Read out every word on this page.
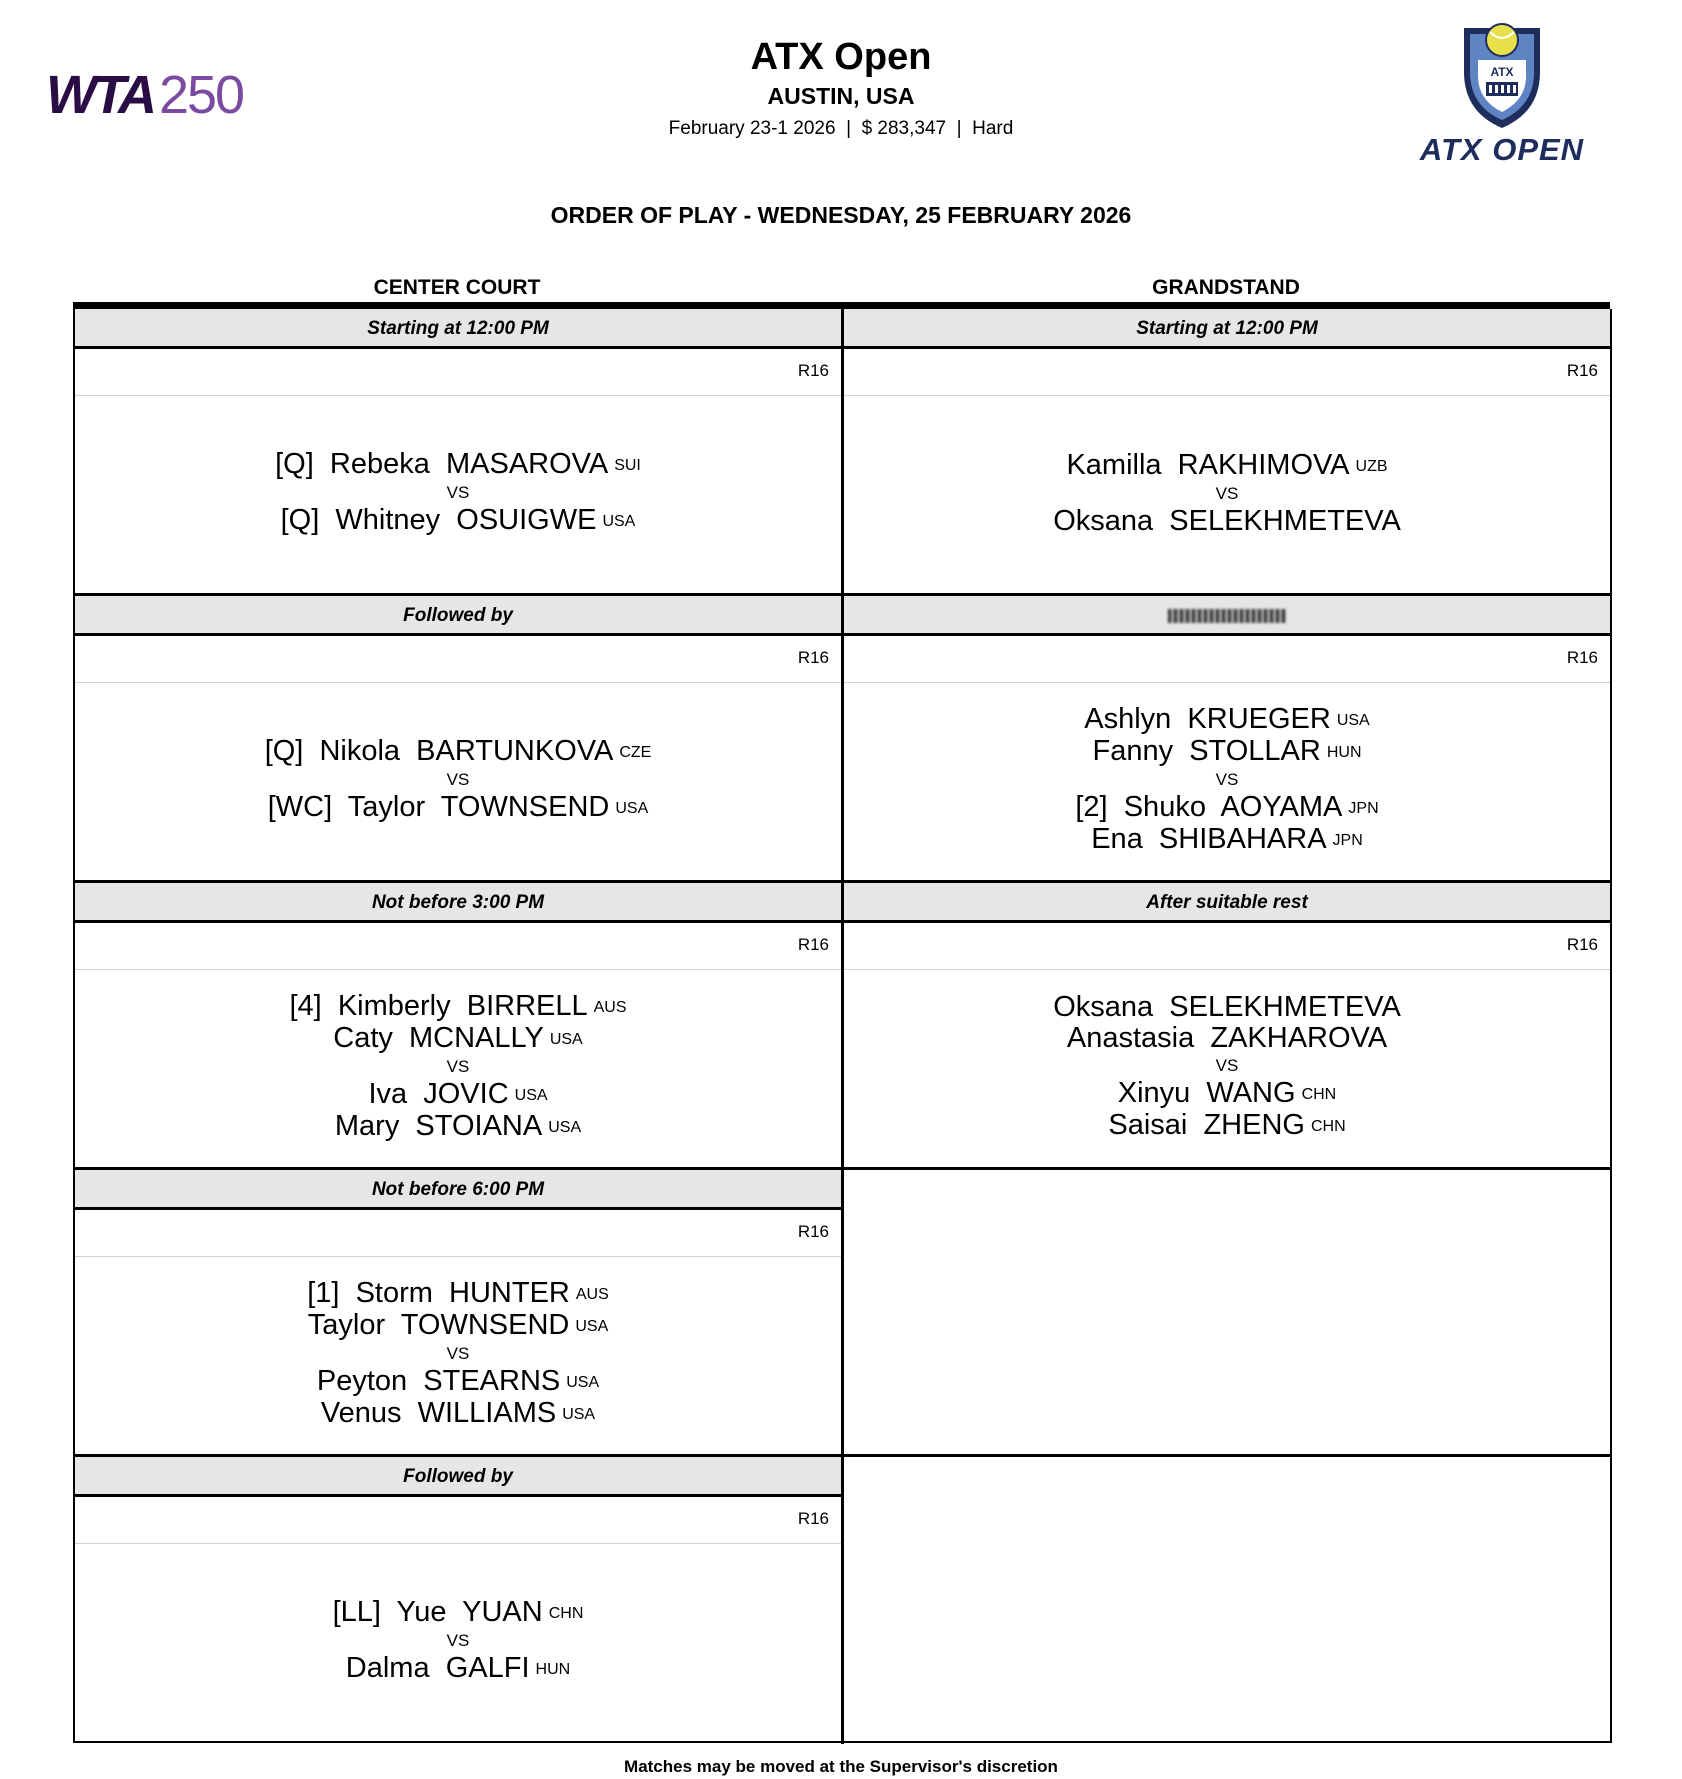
WTA 250
ATX Open
AUSTIN, USA
February 23-1 2026  |  $ 283,347  |  Hard
ATX
ATX OPEN
ORDER OF PLAY - WEDNESDAY, 25 FEBRUARY 2026
CENTER COURT	GRANDSTAND
Starting at 12:00 PM
R16
[Q]  Rebeka  MASAROVA SUI
VS
[Q]  Whitney  OSUIGWE USA
Starting at 12:00 PM
R16
Kamilla  RAKHIMOVA UZB
VS
Oksana  SELEKHMETEVA
Followed by
R16
[Q]  Nikola  BARTUNKOVA CZE
VS
[WC]  Taylor  TOWNSEND USA
R16
Ashlyn  KRUEGER USA
Fanny  STOLLAR HUN
VS
[2]  Shuko  AOYAMA JPN
Ena  SHIBAHARA JPN
Not before 3:00 PM
R16
[4]  Kimberly  BIRRELL AUS
Caty  MCNALLY USA
VS
Iva  JOVIC USA
Mary  STOIANA USA
After suitable rest
R16
Oksana  SELEKHMETEVA
Anastasia  ZAKHAROVA
VS
Xinyu  WANG CHN
Saisai  ZHENG CHN
Not before 6:00 PM
R16
[1]  Storm  HUNTER AUS
Taylor  TOWNSEND USA
VS
Peyton  STEARNS USA
Venus  WILLIAMS USA
Followed by
R16
[LL]  Yue  YUAN CHN
VS
Dalma  GALFI HUN
Matches may be moved at the Supervisor's discretion
